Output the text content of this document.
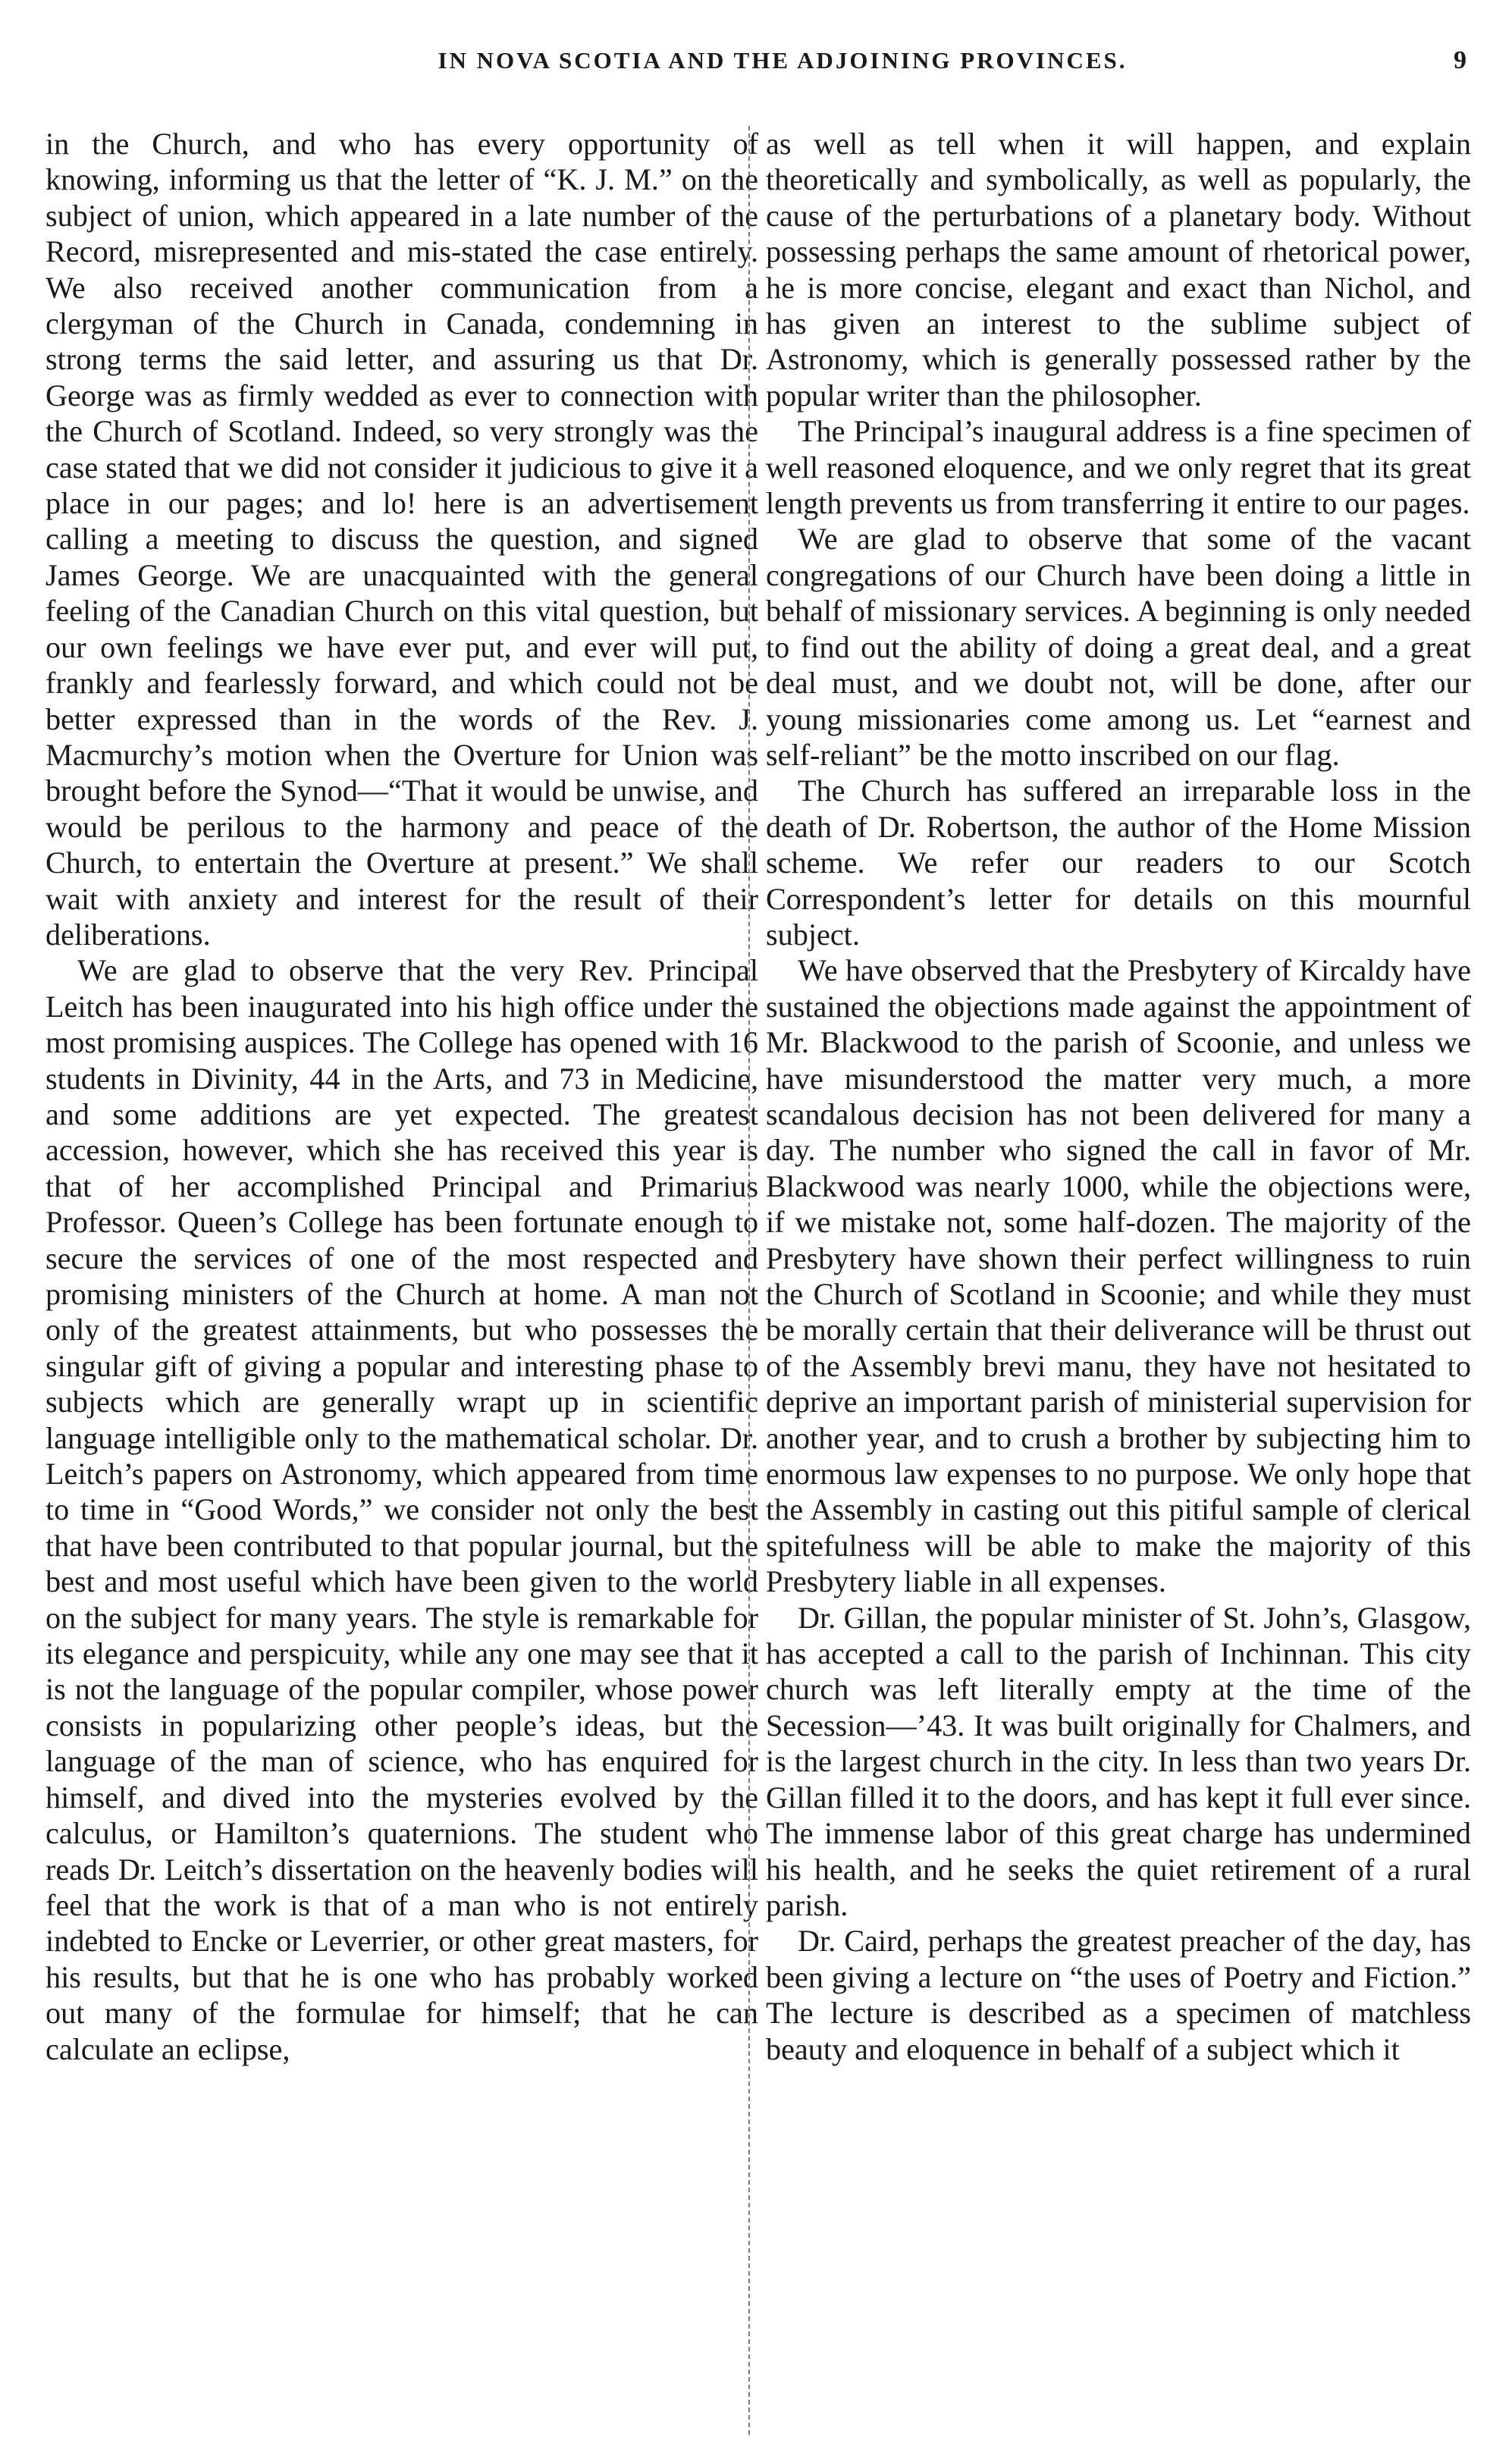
IN NOVA SCOTIA AND THE ADJOINING PROVINCES.	9

in the Church, and who has every opportunity of knowing, informing us that the letter of “K. J. M.” on the subject of union, which appeared in a late number of the Record, misrepresented and mis-stated the case entirely. We also received another communication from a clergyman of the Church in Canada, condemning in strong terms the said letter, and assuring us that Dr. George was as firmly wedded as ever to connection with the Church of Scotland. Indeed, so very strongly was the case stated that we did not consider it judicious to give it a place in our pages; and lo! here is an advertisement calling a meeting to discuss the question, and signed James George. We are unacquainted with the general feeling of the Canadian Church on this vital question, but our own feelings we have ever put, and ever will put, frankly and fearlessly forward, and which could not be better expressed than in the words of the Rev. J. Macmurchy’s motion when the Overture for Union was brought before the Synod—“That it would be unwise, and would be perilous to the harmony and peace of the Church, to entertain the Overture at present.” We shall wait with anxiety and interest for the result of their deliberations.

We are glad to observe that the very Rev. Principal Leitch has been inaugurated into his high office under the most promising auspices. The College has opened with 16 students in Divinity, 44 in the Arts, and 73 in Medicine, and some additions are yet expected. The greatest accession, however, which she has received this year is that of her accomplished Principal and Primarius Professor. Queen’s College has been fortunate enough to secure the services of one of the most respected and promising ministers of the Church at home. A man not only of the greatest attainments, but who possesses the singular gift of giving a popular and interesting phase to subjects which are generally wrapt up in scientific language intelligible only to the mathematical scholar. Dr. Leitch’s papers on Astronomy, which appeared from time to time in “Good Words,” we consider not only the best that have been contributed to that popular journal, but the best and most useful which have been given to the world on the subject for many years. The style is remarkable for its elegance and perspicuity, while any one may see that it is not the language of the popular compiler, whose power consists in popularizing other people’s ideas, but the language of the man of science, who has enquired for himself, and dived into the mysteries evolved by the calculus, or Hamilton’s quaternions. The student who reads Dr. Leitch’s dissertation on the heavenly bodies will feel that the work is that of a man who is not entirely indebted to Encke or Leverrier, or other great masters, for his results, but that he is one who has probably worked out many of the formulae for himself; that he can calculate an eclipse,

as well as tell when it will happen, and explain theoretically and symbolically, as well as popularly, the cause of the perturbations of a planetary body. Without possessing perhaps the same amount of rhetorical power, he is more concise, elegant and exact than Nichol, and has given an interest to the sublime subject of Astronomy, which is generally possessed rather by the popular writer than the philosopher.

The Principal’s inaugural address is a fine specimen of well reasoned eloquence, and we only regret that its great length prevents us from transferring it entire to our pages.

We are glad to observe that some of the vacant congregations of our Church have been doing a little in behalf of missionary services. A beginning is only needed to find out the ability of doing a great deal, and a great deal must, and we doubt not, will be done, after our young missionaries come among us. Let “earnest and self-reliant” be the motto inscribed on our flag.

The Church has suffered an irreparable loss in the death of Dr. Robertson, the author of the Home Mission scheme. We refer our readers to our Scotch Correspondent’s letter for details on this mournful subject.

We have observed that the Presbytery of Kircaldy have sustained the objections made against the appointment of Mr. Blackwood to the parish of Scoonie, and unless we have misunderstood the matter very much, a more scandalous decision has not been delivered for many a day. The number who signed the call in favor of Mr. Blackwood was nearly 1000, while the objections were, if we mistake not, some half-dozen. The majority of the Presbytery have shown their perfect willingness to ruin the Church of Scotland in Scoonie; and while they must be morally certain that their deliverance will be thrust out of the Assembly brevi manu, they have not hesitated to deprive an important parish of ministerial supervision for another year, and to crush a brother by subjecting him to enormous law expenses to no purpose. We only hope that the Assembly in casting out this pitiful sample of clerical spitefulness will be able to make the majority of this Presbytery liable in all expenses.

Dr. Gillan, the popular minister of St. John’s, Glasgow, has accepted a call to the parish of Inchinnan. This city church was left literally empty at the time of the Secession—’43. It was built originally for Chalmers, and is the largest church in the city. In less than two years Dr. Gillan filled it to the doors, and has kept it full ever since. The immense labor of this great charge has undermined his health, and he seeks the quiet retirement of a rural parish.

Dr. Caird, perhaps the greatest preacher of the day, has been giving a lecture on “the uses of Poetry and Fiction.” The lecture is described as a specimen of matchless beauty and eloquence in behalf of a subject which it
